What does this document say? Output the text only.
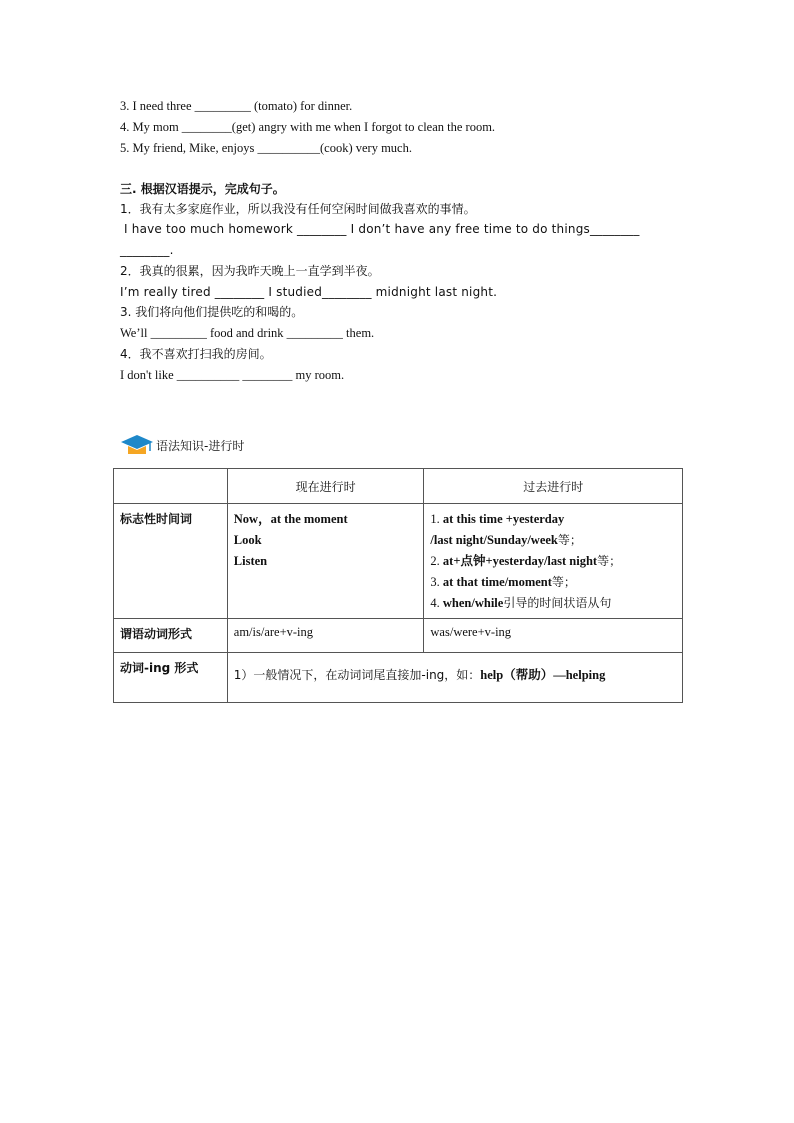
3. I need three _________ (tomato) for dinner.
4. My mom ________(get) angry with me when I forgot to clean the room.
5. My friend, Mike, enjoys __________(cook) very much.
三. 根据汉语提示，完成句子。
1．我有太多家庭作业，所以我没有任何空闲时间做我喜欢的事情。
I have too much homework ________ I don’t have any free time to do things________
________.
2．我真的很累，因为我昨天晚上一直学到半夜。
I’m really tired ________ I studied________ midnight last night.
3. 我们将向他们提供吃的和喝的。
We’ll _________ food and drink _________ them.
4．我不喜欢打扫我的房间。
I don't like __________ ________ my room.
语法知识-进行时
	现在进行时	过去进行时
标志性时间词	Now，at the moment
Look
Listen	1. at this time +yesterday
/last night/Sunday/week等；
2. at+点钟+yesterday/last night等；
3. at that time/moment等；
4. when/while引导的时间状语从句

谓语动词形式	am/is/are+v-ing	was/were+v-ing
动词-ing 形式	1）一般情况下，在动词词尾直接加-ing，如：help（帮助）—helping	
